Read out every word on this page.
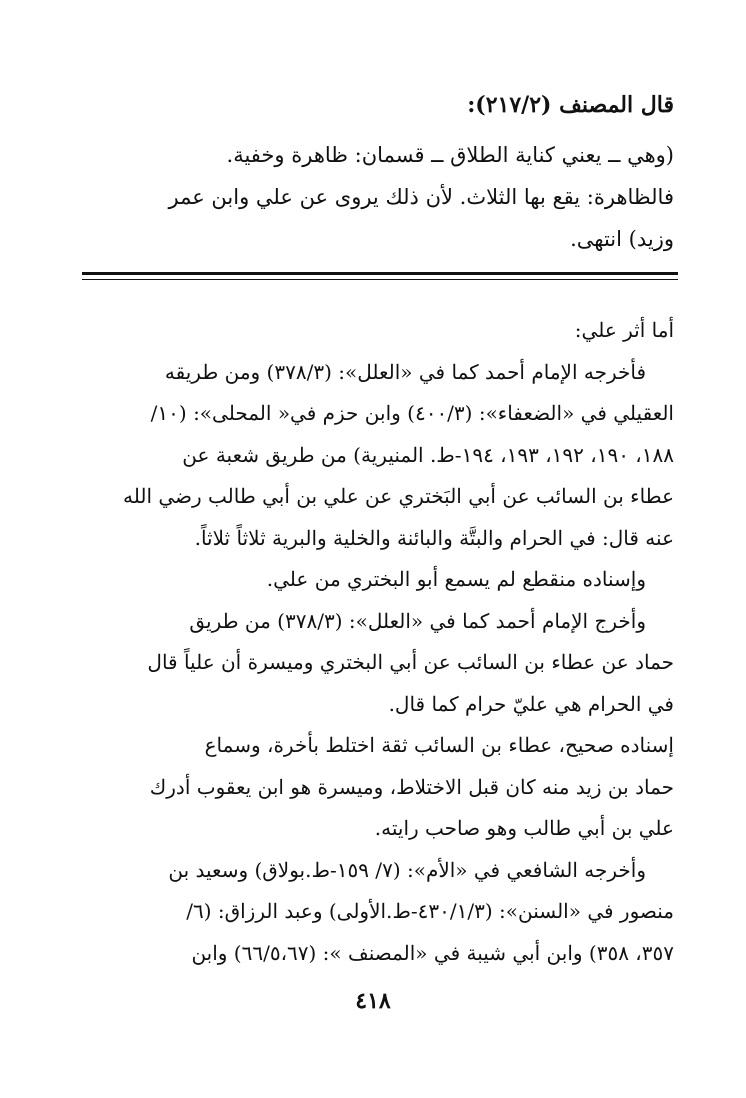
قال المصنف (٢١٧/٢):
(وهي ــ يعني كناية الطلاق ــ قسمان: ظاهرة وخفية.
فالظاهرة: يقع بها الثلاث. لأن ذلك يروى عن علي وابن عمر
وزيد) انتهى.
أما أثر علي:
فأخرجه الإمام أحمد كما في «العلل»: (٣٧٨/٣) ومن طريقه
العقيلي في «الضعفاء»: (٤٠٠/٣) وابن حزم في« المحلى»: (١٠/
١٨٨، ١٩٠، ١٩٢، ١٩٣، ١٩٤-ط. المنيرية) من طريق شعبة عن
عطاء بن السائب عن أبي البَختري عن علي بن أبي طالب رضي الله
عنه قال: في الحرام والبتَّة والبائنة والخلية والبرية ثلاثاً ثلاثاً.
وإسناده منقطع لم يسمع أبو البختري من علي.
وأخرج الإمام أحمد كما في «العلل»: (٣٧٨/٣) من طريق
حماد عن عطاء بن السائب عن أبي البختري وميسرة أن علياً قال
في الحرام هي عليّ حرام كما قال.
إسناده صحيح، عطاء بن السائب ثقة اختلط بأخرة، وسماع
حماد بن زيد منه كان قبل الاختلاط، وميسرة هو ابن يعقوب أدرك
علي بن أبي طالب وهو صاحب رايته.
وأخرجه الشافعي في «الأم»: (٧/ ١٥٩-ط.بولاق) وسعيد بن
منصور في «السنن»: (٤٣٠/١/٣-ط.الأولى) وعبد الرزاق: (٦/
٣٥٧، ٣٥٨) وابن أبي شيبة في «المصنف »: (٦٦/٥،٦٧) وابن
٤١٨
